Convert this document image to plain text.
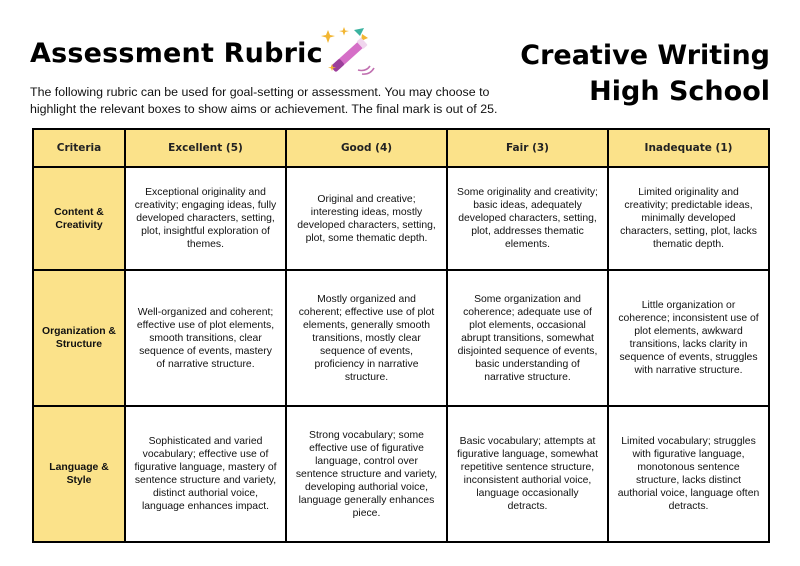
Assessment Rubric	Creative Writing
High School
The following rubric can be used for goal-setting or assessment. You may choose to highlight the relevant boxes to show aims or achievement. The final mark is out of 25.
Criteria	Excellent (5)	Good (4)	Fair (3)	Inadequate (1)
Content & Creativity	Exceptional originality and creativity; engaging ideas, fully developed characters, setting, plot, insightful exploration of themes.	Original and creative; interesting ideas, mostly developed characters, setting, plot, some thematic depth.	Some originality and creativity; basic ideas, adequately developed characters, setting, plot, addresses thematic elements.	Limited originality and creativity; predictable ideas, minimally developed characters, setting, plot, lacks thematic depth.
Organization & Structure	Well-organized and coherent; effective use of plot elements, smooth transitions, clear sequence of events, mastery of narrative structure.	Mostly organized and coherent; effective use of plot elements, generally smooth transitions, mostly clear sequence of events, proficiency in narrative structure.	Some organization and coherence; adequate use of plot elements, occasional abrupt transitions, somewhat disjointed sequence of events, basic understanding of narrative structure.	Little organization or coherence; inconsistent use of plot elements, awkward transitions, lacks clarity in sequence of events, struggles with narrative structure.
Language & Style	Sophisticated and varied vocabulary; effective use of figurative language, mastery of sentence structure and variety, distinct authorial voice, language enhances impact.	Strong vocabulary; some effective use of figurative language, control over sentence structure and variety, developing authorial voice, language generally enhances piece.	Basic vocabulary; attempts at figurative language, somewhat repetitive sentence structure, inconsistent authorial voice, language occasionally detracts.	Limited vocabulary; struggles with figurative language, monotonous sentence structure, lacks distinct authorial voice, language often detracts.
